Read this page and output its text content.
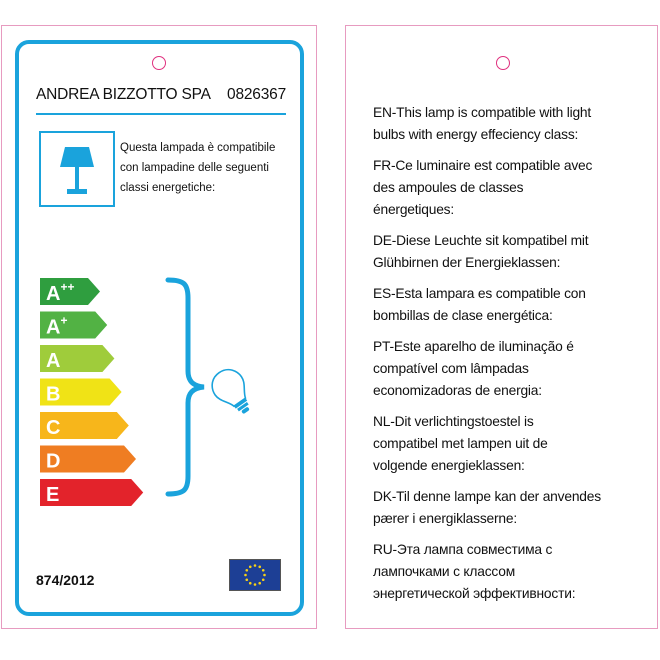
ANDREA BIZZOTTO SPA 0826367
Questa lampada è compatibile
con lampadine delle seguenti
classi energetiche:
A++
A+
A
B
C
D
E
874/2012

EN-This lamp is compatible with light
bulbs with energy effeciency class:

FR-Ce luminaire est compatible avec
des ampoules de classes
énergetiques:

DE-Diese Leuchte sit kompatibel mit
Glühbirnen der Energieklassen:

ES-Esta lampara es compatible con
bombillas de clase energética:

PT-Este aparelho de iluminação é
compatível com lâmpadas
economizadoras de energia:

NL-Dit verlichtingstoestel is
compatibel met lampen uit de
volgende energieklassen:

DK-Til denne lampe kan der anvendes
pærer i energiklasserne:

RU-Эта лампа совместима с
лампочками с классом
энергетической эффективности:
